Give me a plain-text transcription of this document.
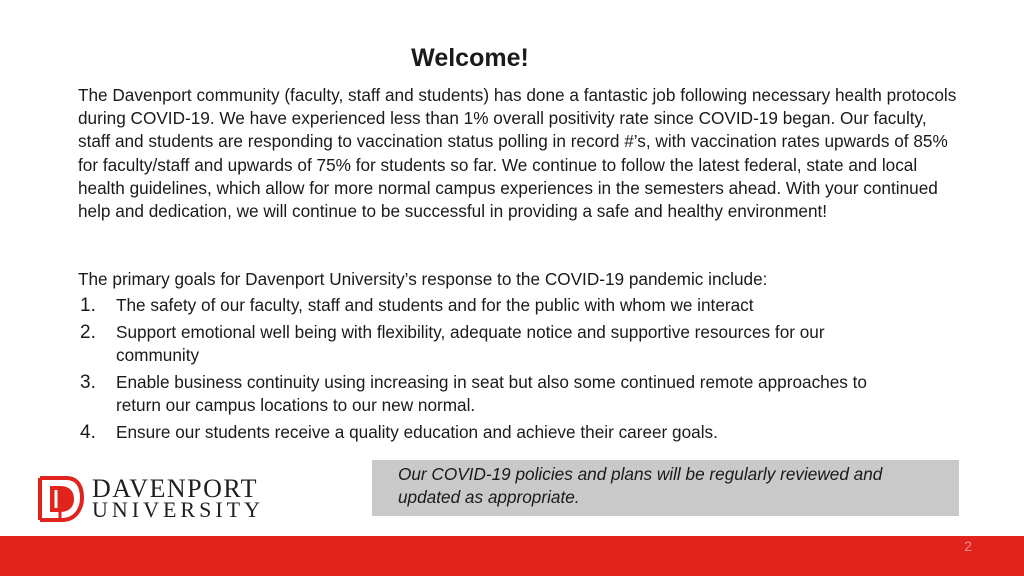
Welcome!

The Davenport community (faculty, staff and students) has done a fantastic job following necessary health protocols during COVID-19. We have experienced less than 1% overall positivity rate since COVID-19 began. Our faculty, staff and students are responding to vaccination status polling in record #’s, with vaccination rates upwards of 85% for faculty/staff and upwards of 75% for students so far. We continue to follow the latest federal, state and local health guidelines, which allow for more normal campus experiences in the semesters ahead. With your continued help and dedication, we will continue to be successful in providing a safe and healthy environment!

The primary goals for Davenport University’s response to the COVID-19 pandemic include:

1.	The safety of our faculty, staff and students and for the public with whom we interact
2.	Support emotional well being with flexibility, adequate notice and supportive resources for our community
3.	Enable business continuity using increasing in seat but also some continued remote approaches to return our campus locations to our new normal.
4.	Ensure our students receive a quality education and achieve their career goals.
DAVENPORT
UNIVERSITY

Our COVID-19 policies and plans will be regularly reviewed and updated as appropriate.

2
